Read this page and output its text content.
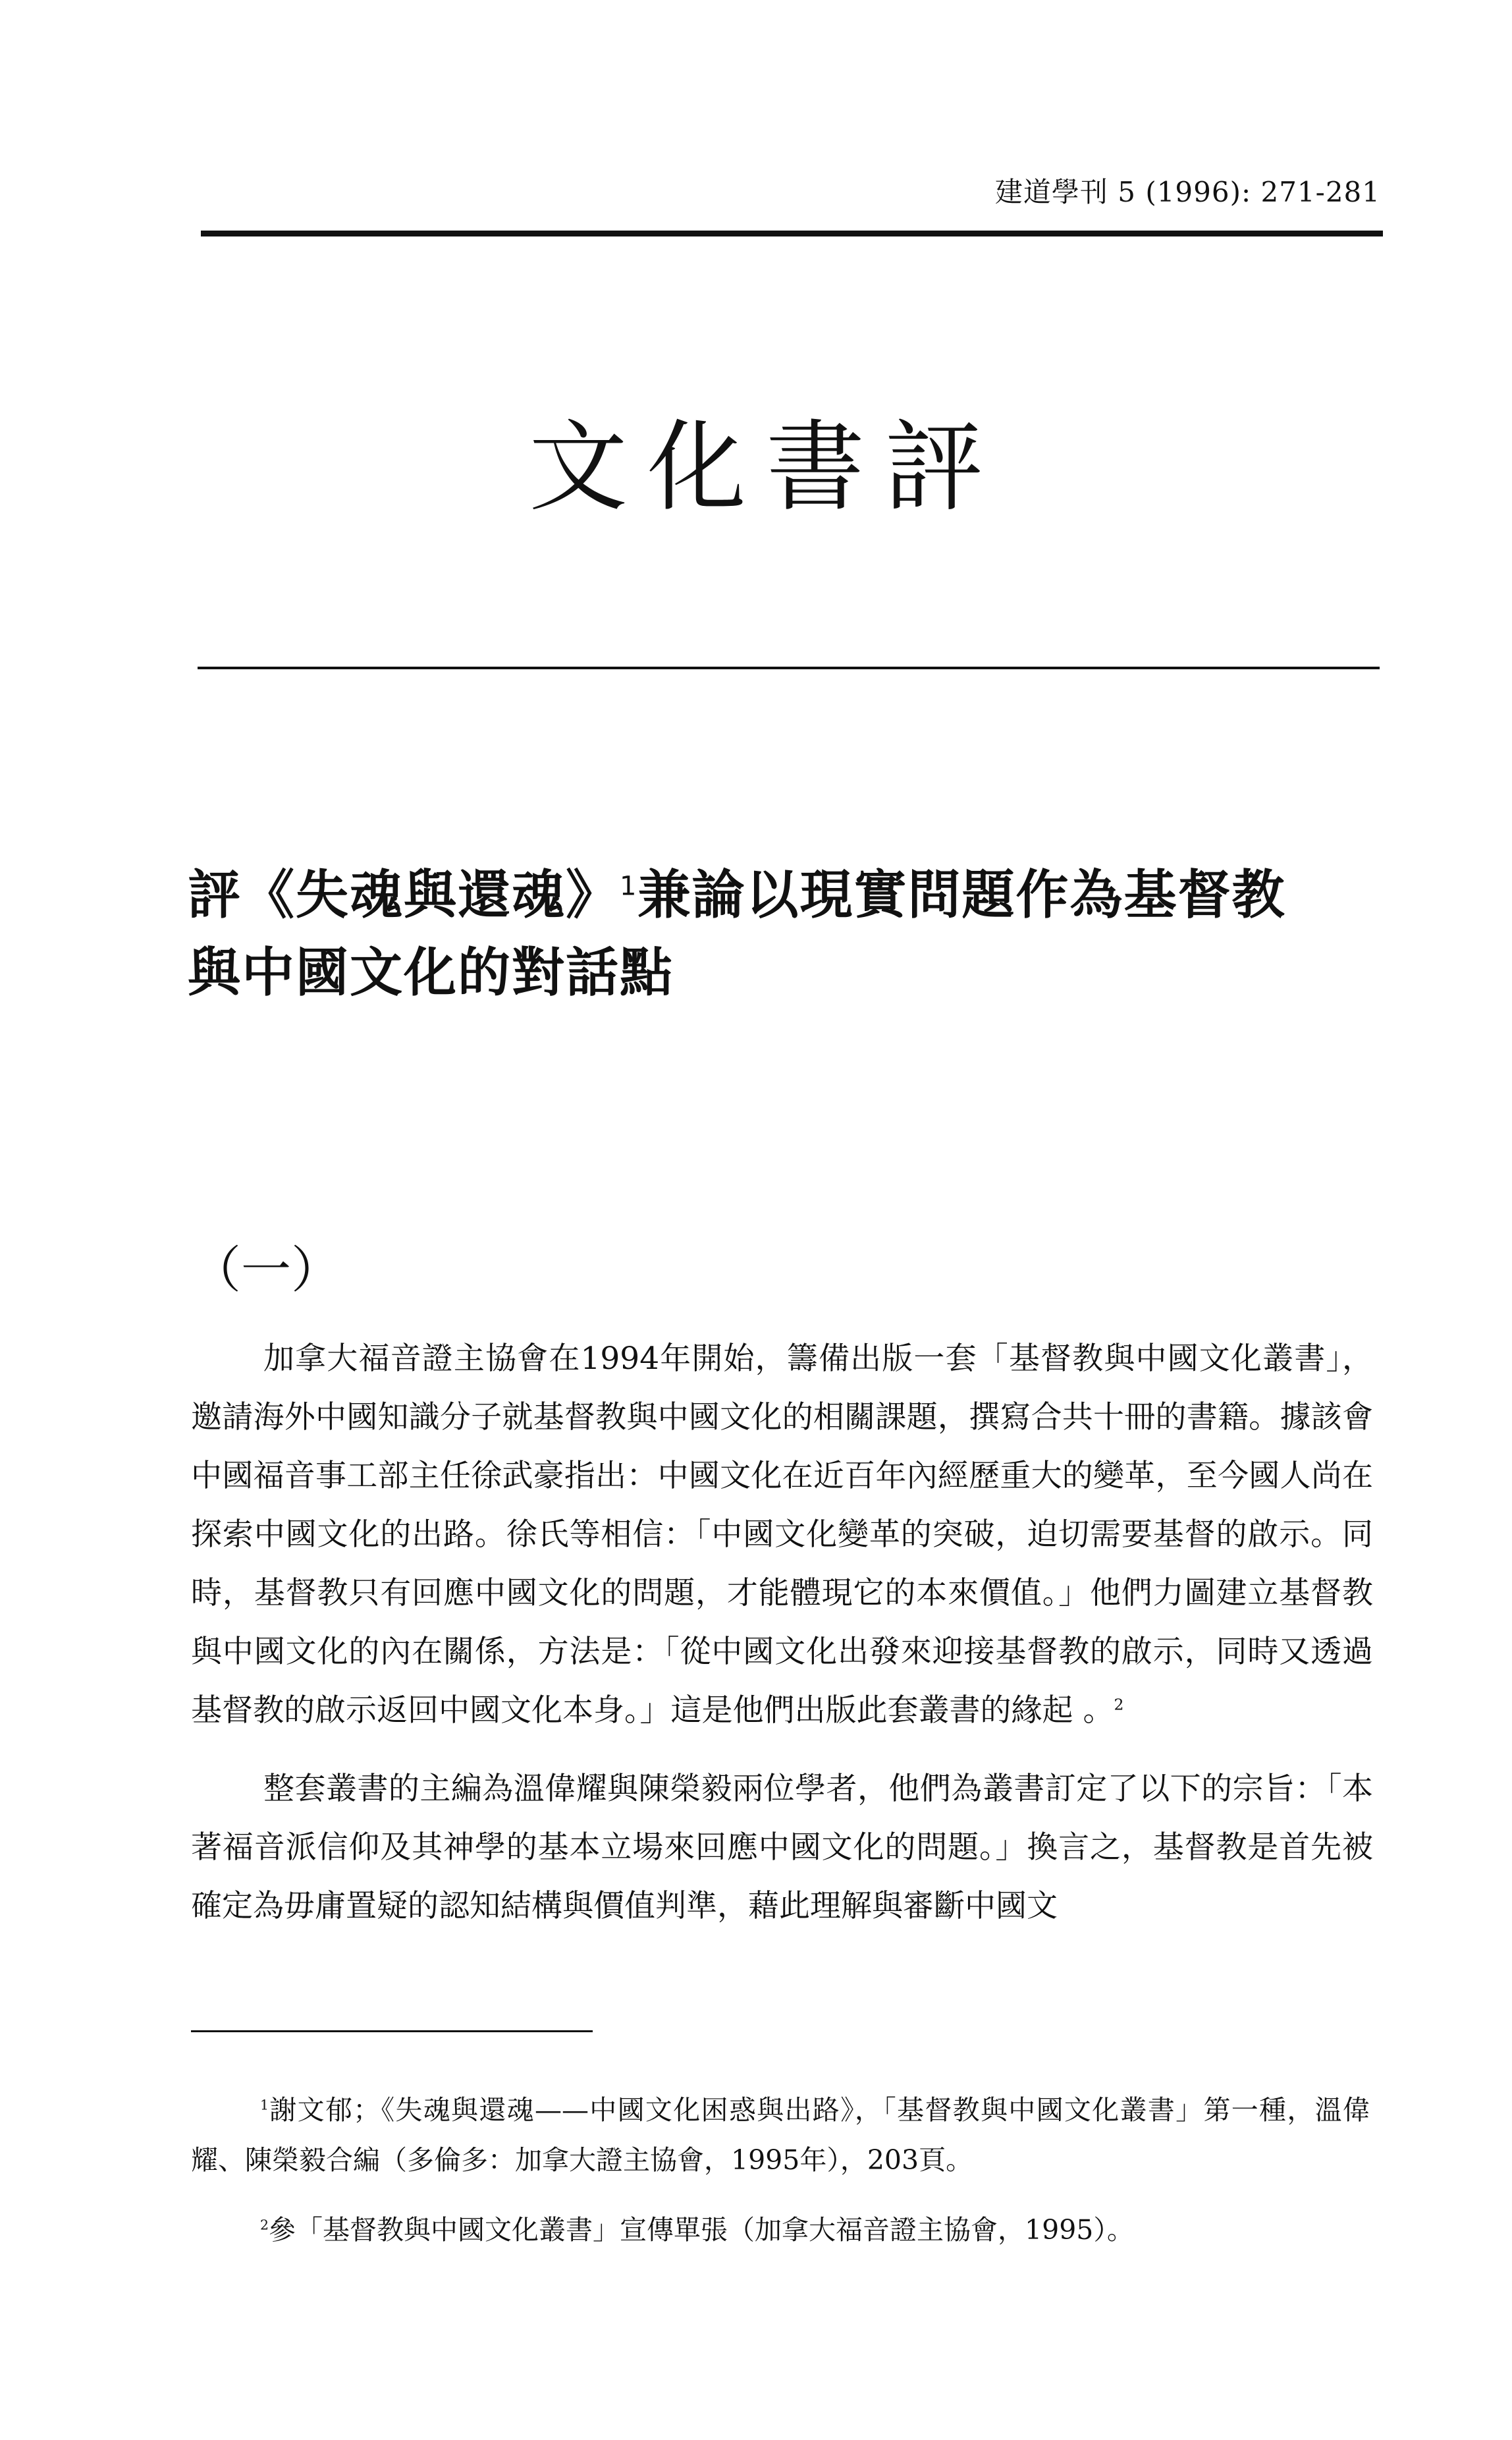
建道學刊 5 (1996): 271-281
文化書評
評《失魂與還魂》$^1$兼論以現實問題作為基督教與中國文化的對話點
（一）

加拿大福音證主協會在1994年開始，籌備出版一套「基督教與中國文化叢書」，邀請海外中國知識分子就基督教與中國文化的相關課題，撰寫合共十冊的書籍。據該會中國福音事工部主任徐武豪指出：中國文化在近百年內經歷重大的變革，至今國人尚在探索中國文化的出路。徐氏等相信：「中國文化變革的突破，迫切需要基督的啟示。同時，基督教只有回應中國文化的問題，才能體現它的本來價值。」他們力圖建立基督教與中國文化的內在關係，方法是：「從中國文化出發來迎接基督教的啟示，同時又透過基督教的啟示返回中國文化本身。」這是他們出版此套叢書的緣起 。$^2$

整套叢書的主編為溫偉耀與陳榮毅兩位學者，他們為叢書訂定了以下的宗旨：「本著福音派信仰及其神學的基本立場來回應中國文化的問題。」換言之，基督教是首先被確定為毋庸置疑的認知結構與價值判準，藉此理解與審斷中國文

$^1$謝文郁；《失魂與還魂——中國文化困惑與出路》，「基督教與中國文化叢書」第一種，溫偉耀、陳榮毅合編（多倫多：加拿大證主協會，1995年），203頁。

$^2$參「基督教與中國文化叢書」宣傳單張（加拿大福音證主協會，1995）。
